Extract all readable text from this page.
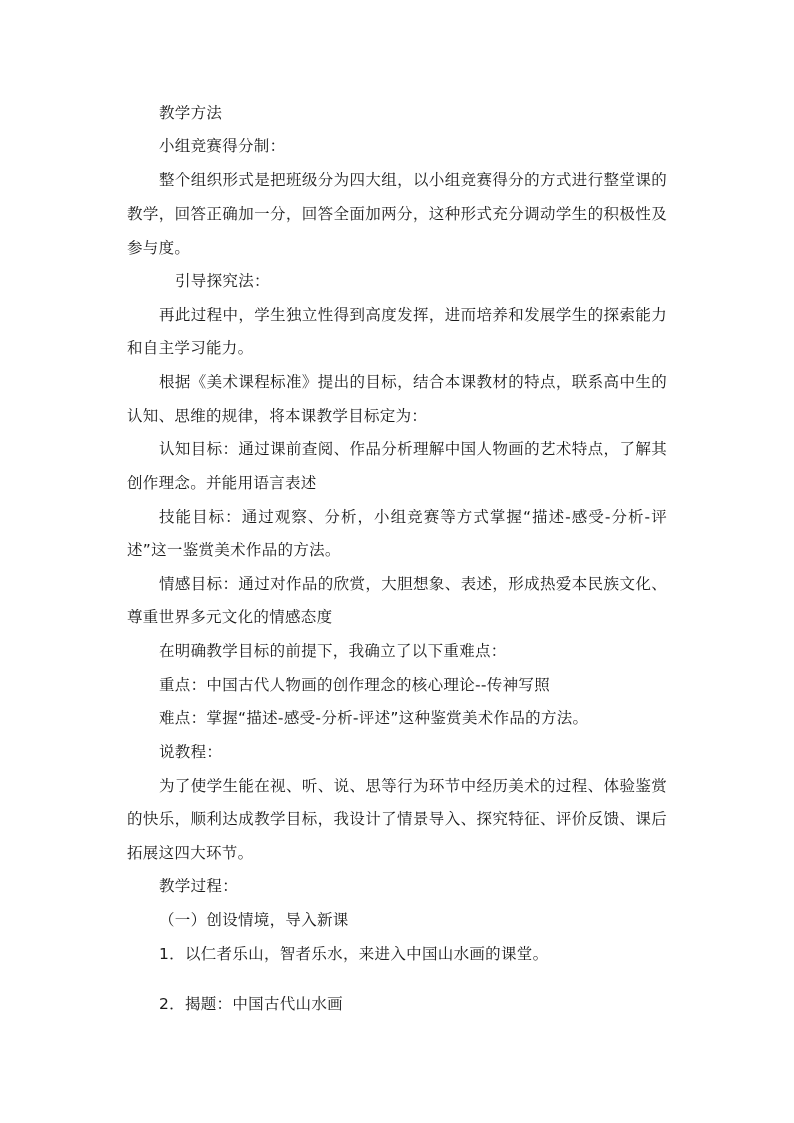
教学方法
小组竞赛得分制：
整个组织形式是把班级分为四大组，以小组竞赛得分的方式进行整堂课的
教学，回答正确加一分，回答全面加两分，这种形式充分调动学生的积极性及
参与度。
引导探究法：
再此过程中，学生独立性得到高度发挥，进而培养和发展学生的探索能力
和自主学习能力。
根据《美术课程标准》提出的目标，结合本课教材的特点，联系高中生的
认知、思维的规律，将本课教学目标定为：
认知目标：通过课前查阅、作品分析理解中国人物画的艺术特点，了解其
创作理念。并能用语言表述
技能目标：通过观察、分析，小组竞赛等方式掌握“描述-感受-分析-评
述”这一鉴赏美术作品的方法。
情感目标：通过对作品的欣赏，大胆想象、表述，形成热爱本民族文化、
尊重世界多元文化的情感态度
在明确教学目标的前提下，我确立了以下重难点：
重点：中国古代人物画的创作理念的核心理论--传神写照
难点：掌握“描述-感受-分析-评述”这种鉴赏美术作品的方法。
说教程：
为了使学生能在视、听、说、思等行为环节中经历美术的过程、体验鉴赏
的快乐，顺利达成教学目标，我设计了情景导入、探究特征、评价反馈、课后
拓展这四大环节。
教学过程：
（一）创设情境，导入新课
1．以仁者乐山，智者乐水，来进入中国山水画的课堂。
2．揭题：中国古代山水画
